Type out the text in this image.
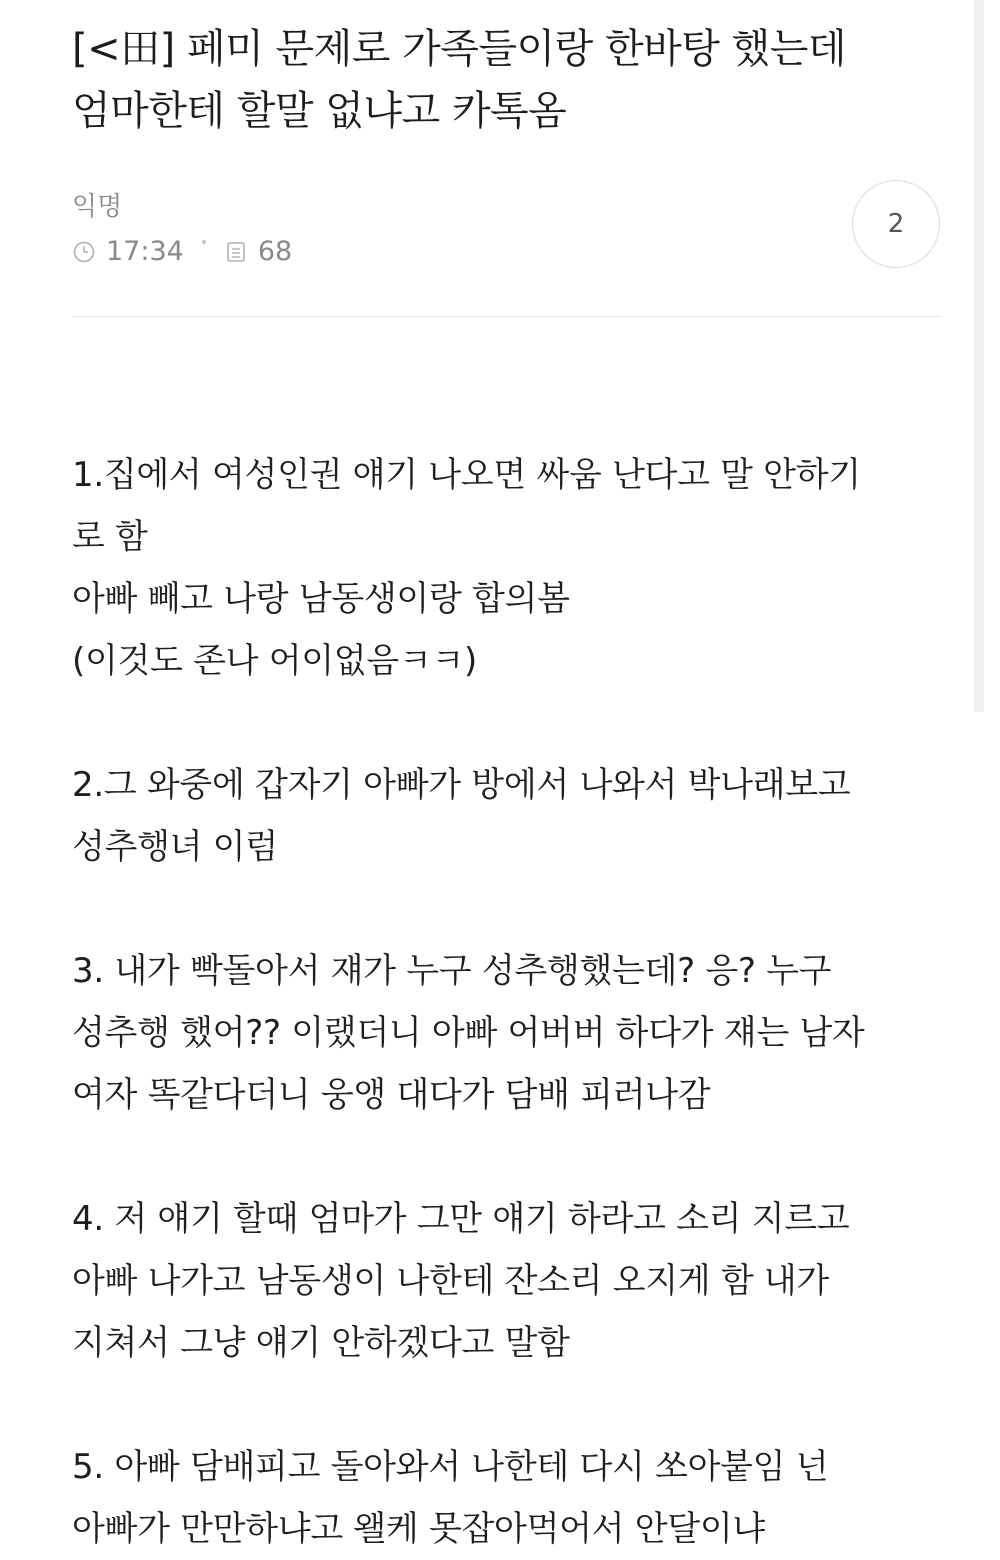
[<田] 페미 문제로 가족들이랑 한바탕 했는데
엄마한테 할말 없냐고 카톡옴
익명
17:34	68
2

1.집에서 여성인권 얘기 나오면 싸움 난다고 말 안하기
로 함
아빠 빼고 나랑 남동생이랑 합의봄
(이것도 존나 어이없음ㅋㅋ)

2.그 와중에 갑자기 아빠가 방에서 나와서 박나래보고
성추행녀 이럼

3. 내가 빡돌아서 쟤가 누구 성추행했는데? 응? 누구
성추행 했어?? 이랬더니 아빠 어버버 하다가 쟤는 남자
여자 똑같다더니 웅앵 대다가 담배 피러나감

4. 저 얘기 할때 엄마가 그만 얘기 하라고 소리 지르고
아빠 나가고 남동생이 나한테 잔소리 오지게 함 내가
지쳐서 그냥 얘기 안하겠다고 말함

5. 아빠 담배피고 돌아와서 나한테 다시 쏘아붙임 넌
아빠가 만만하냐고 왤케 못잡아먹어서 안달이냐
